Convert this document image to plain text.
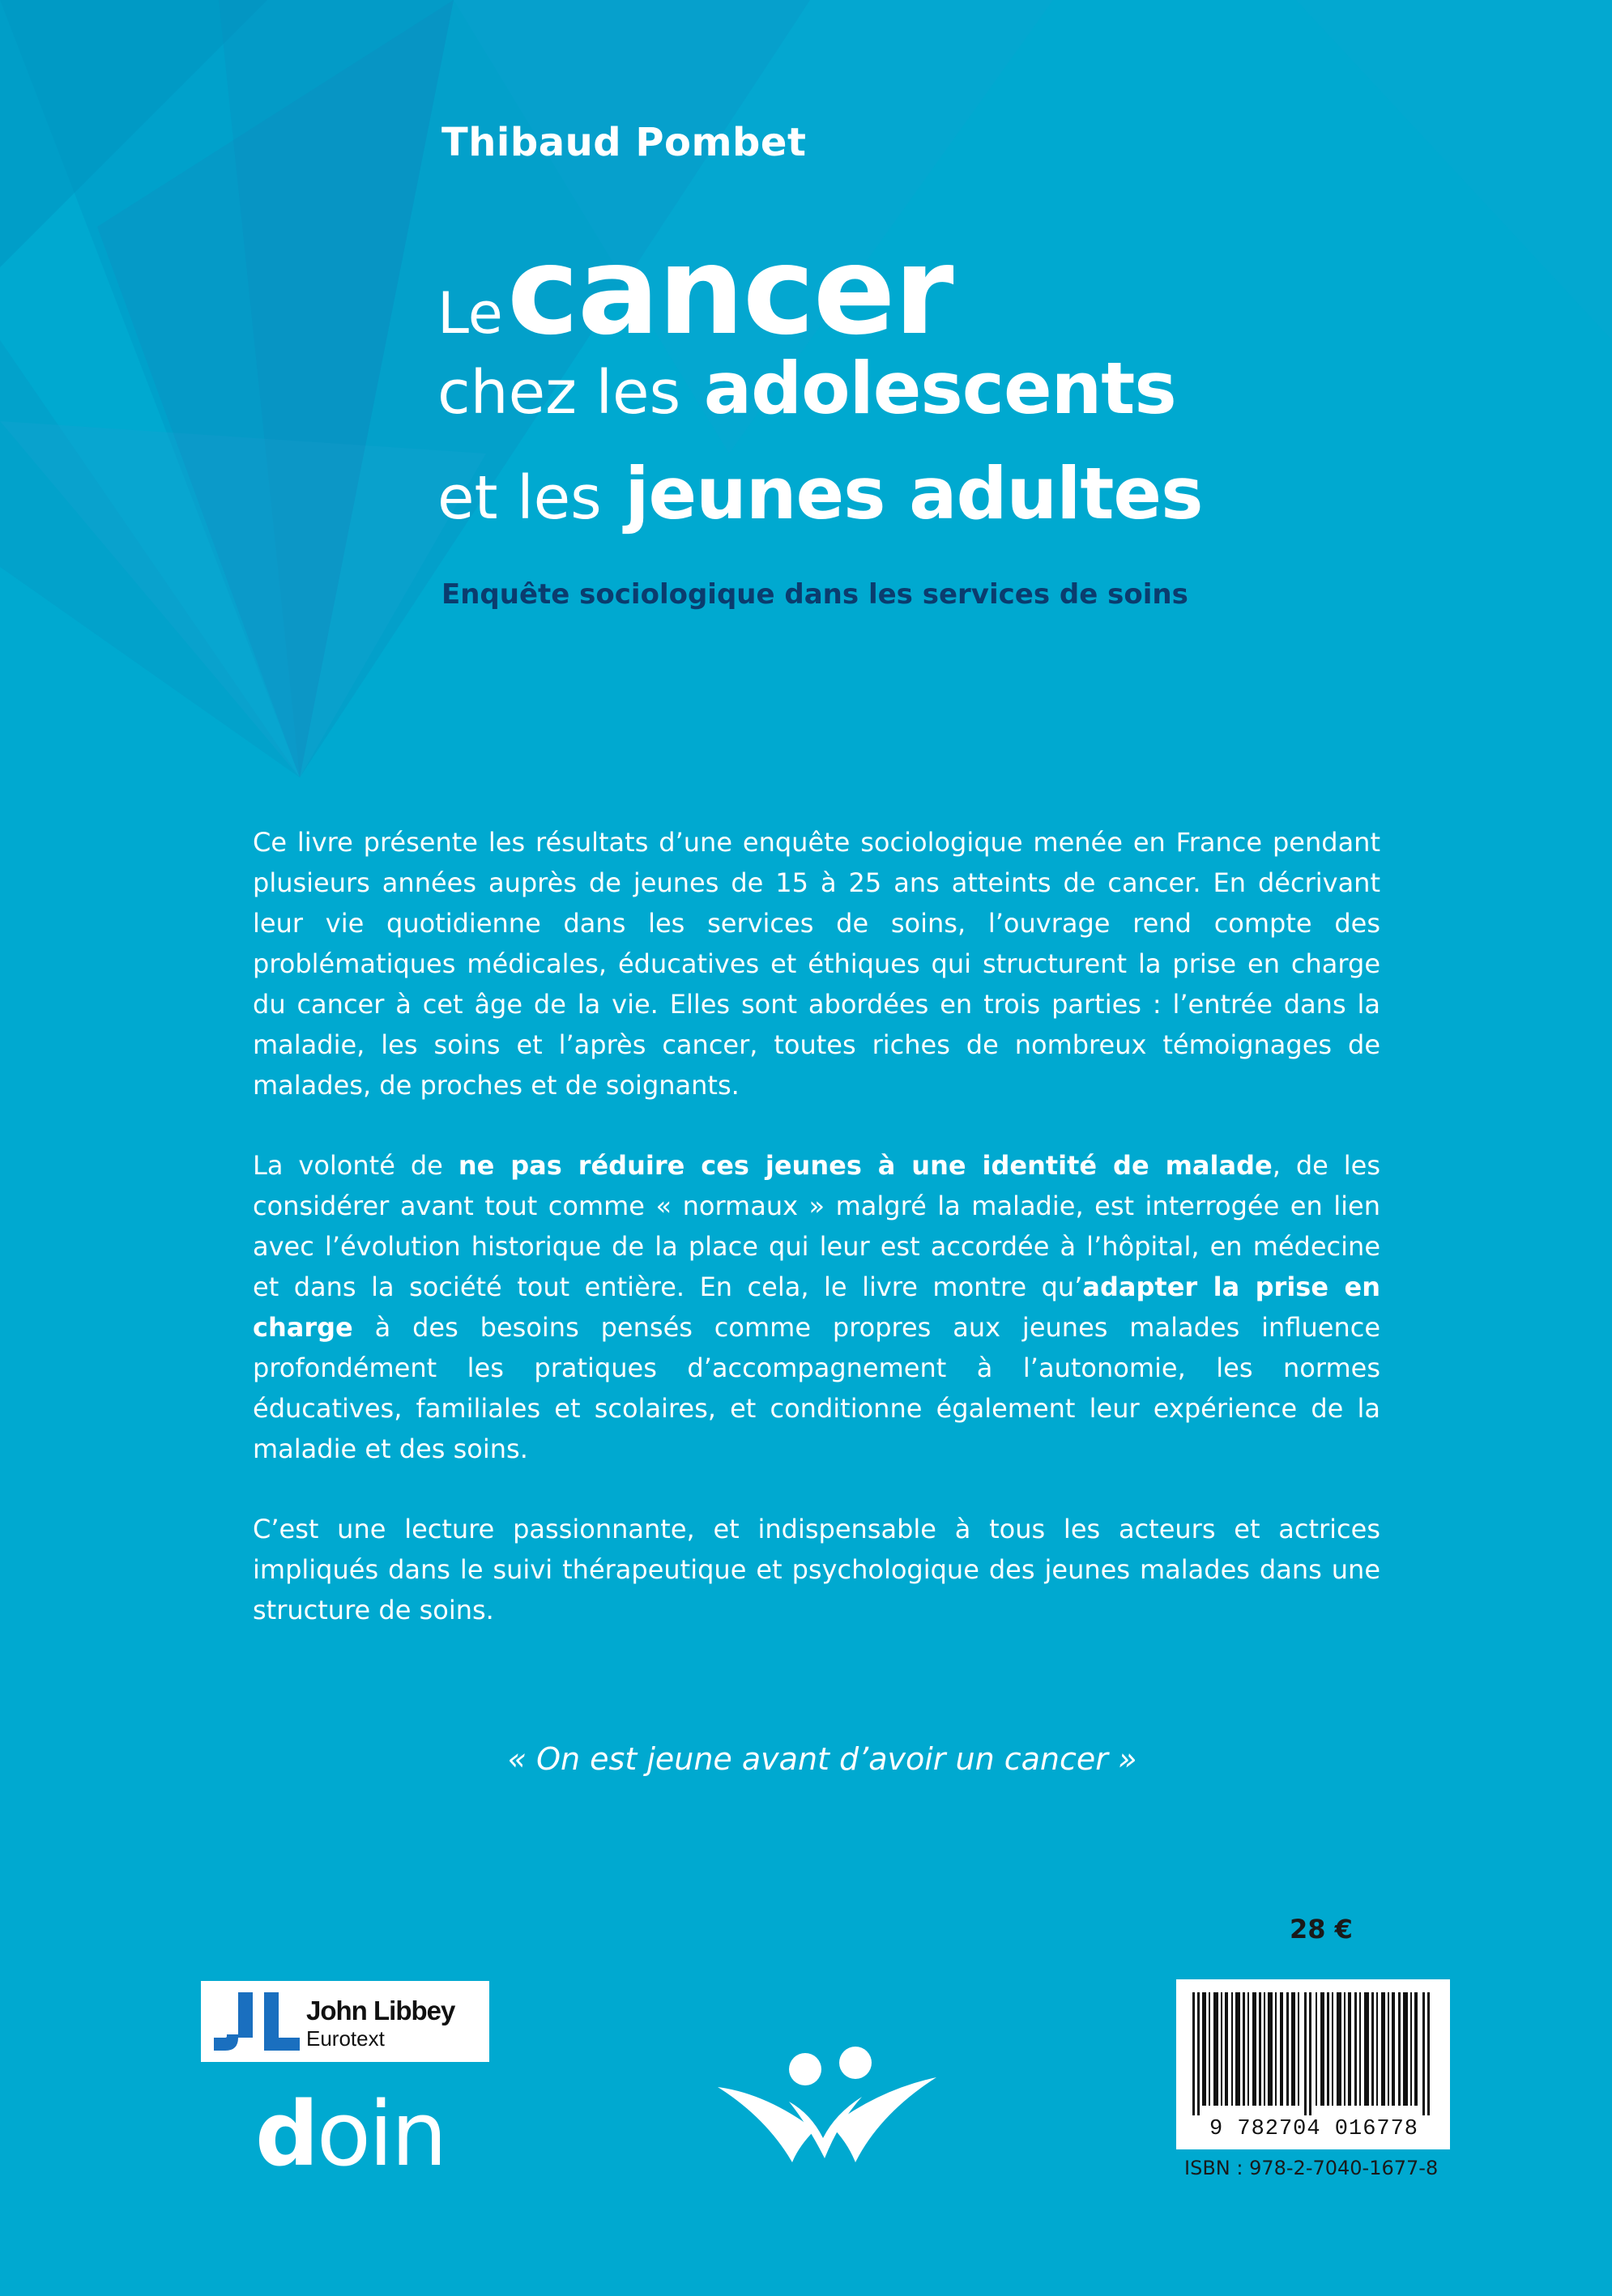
Thibaud Pombet
Le cancer
chez les adolescents
et les jeunes adultes
Enquête sociologique dans les services de soins

Ce livre présente les résultats d’une enquête sociologique menée en France pendant plusieurs années auprès de jeunes de 15 à 25 ans atteints de cancer. En décrivant leur vie quotidienne dans les services de soins, l’ouvrage rend compte des problématiques médicales, éducatives et éthiques qui structurent la prise en charge du cancer à cet âge de la vie. Elles sont abordées en trois parties : l’entrée dans la maladie, les soins et l’après cancer, toutes riches de nombreux témoignages de malades, de proches et de soignants.

La volonté de ne pas réduire ces jeunes à une identité de malade, de les considérer avant tout comme « normaux » malgré la maladie, est interrogée en lien avec l’évolution historique de la place qui leur est accordée à l’hôpital, en médecine et dans la société tout entière. En cela, le livre montre qu’adapter la prise en charge à des besoins pensés comme propres aux jeunes malades influence profondément les pratiques d’accompagnement à l’autonomie, les normes éducatives, familiales et scolaires, et conditionne également leur expérience de la maladie et des soins.

C’est une lecture passionnante, et indispensable à tous les acteurs et actrices impliqués dans le suivi thérapeutique et psychologique des jeunes malades dans une structure de soins.

« On est jeune avant d’avoir un cancer »
28 €
John Libbey
Eurotext
doin	9 782704 016778
ISBN : 978-2-7040-1677-8
